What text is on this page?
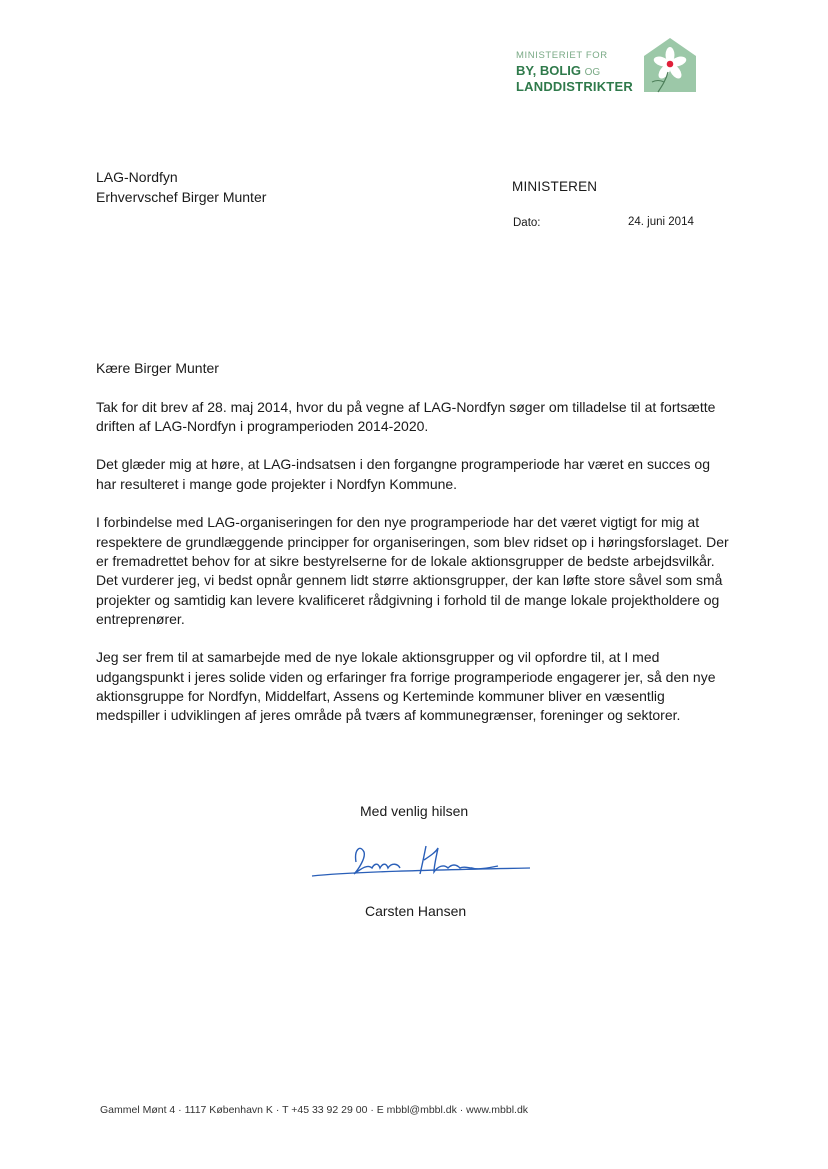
MINISTERIET FOR
BY, BOLIG OG
LANDDISTRIKTER
LAG-Nordfyn
Erhvervschef Birger Munter
MINISTEREN
Dato:	24. juni 2014

Kære Birger Munter

Tak for dit brev af 28. maj 2014, hvor du på vegne af LAG-Nordfyn søger om tilladelse til at fortsætte driften af LAG-Nordfyn i programperioden 2014-2020.

Det glæder mig at høre, at LAG-indsatsen i den forgangne programperiode har været en succes og har resulteret i mange gode projekter i Nordfyn Kommune.

I forbindelse med LAG-organiseringen for den nye programperiode har det været vigtigt for mig at respektere de grundlæggende principper for organiseringen, som blev ridset op i høringsforslaget. Der er fremadrettet behov for at sikre bestyrelserne for de lokale aktionsgrupper de bedste arbejdsvilkår. Det vurderer jeg, vi bedst opnår gennem lidt større aktionsgrupper, der kan løfte store såvel som små projekter og samtidig kan levere kvalificeret rådgivning i forhold til de mange lokale projektholdere og entreprenører.

Jeg ser frem til at samarbejde med de nye lokale aktionsgrupper og vil opfordre til, at I med udgangspunkt i jeres solide viden og erfaringer fra forrige programperiode engagerer jer, så den nye aktionsgruppe for Nordfyn, Middelfart, Assens og Kerteminde kommuner bliver en væsentlig medspiller i udviklingen af jeres område på tværs af kommunegrænser, foreninger og sektorer.

Med venlig hilsen
Carsten Hansen
Gammel Mønt 4 · 1117 København K · T +45 33 92 29 00 · E mbbl@mbbl.dk · www.mbbl.dk
